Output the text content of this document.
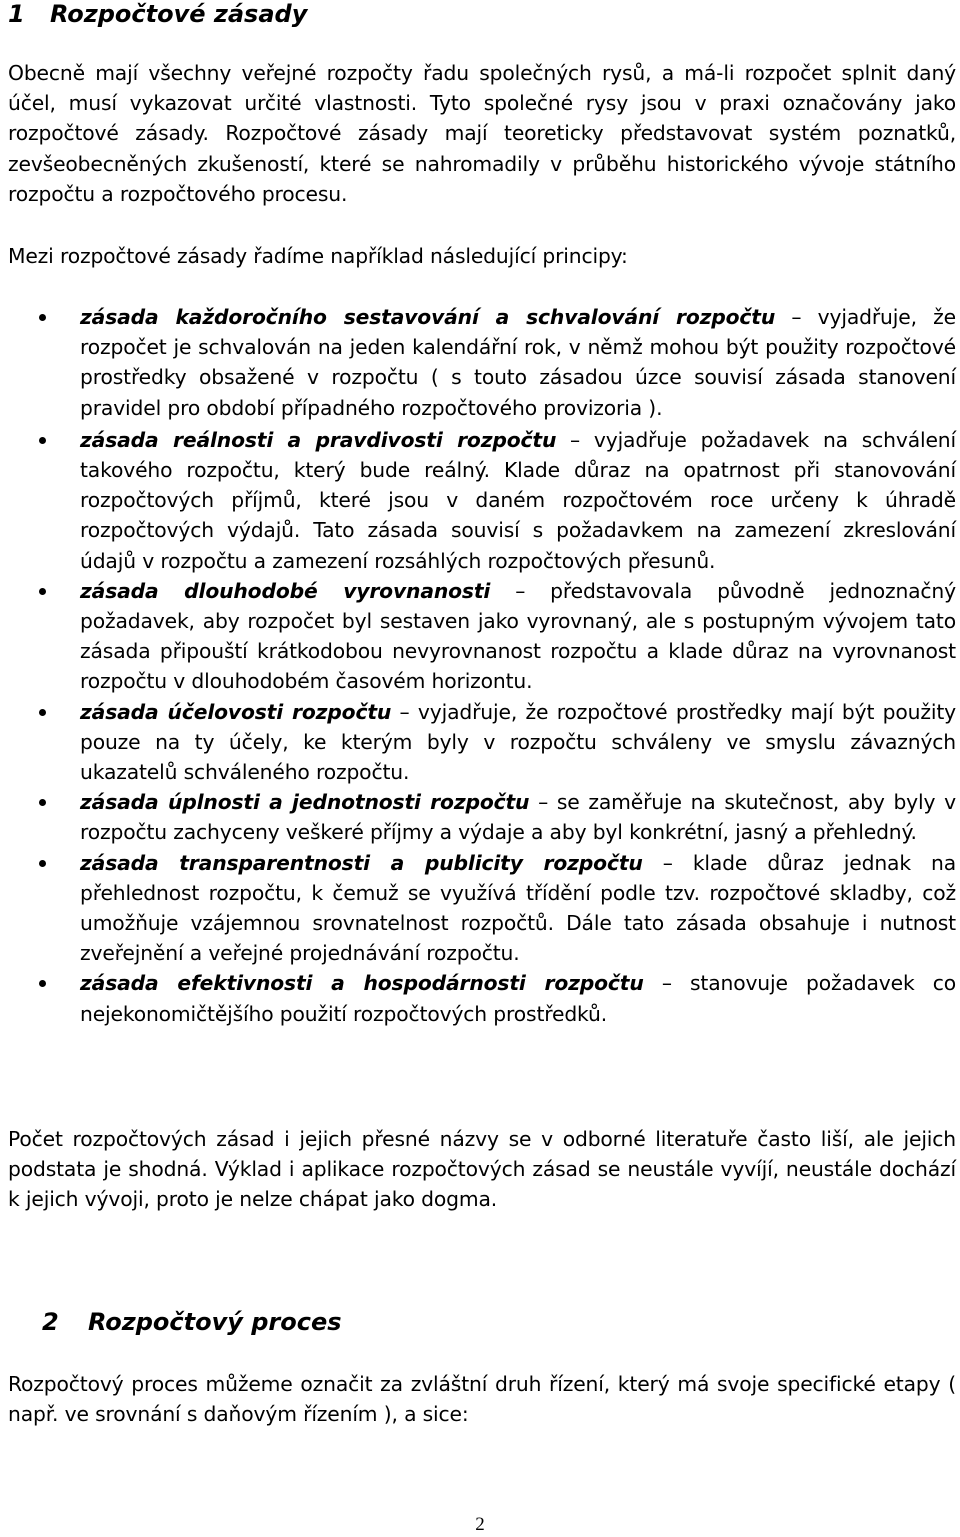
1 Rozpočtové zásady

Obecně mají všechny veřejné rozpočty řadu společných rysů, a má-li rozpočet splnit daný účel, musí vykazovat určité vlastnosti. Tyto společné rysy jsou v praxi označovány jako rozpočtové zásady. Rozpočtové zásady mají teoreticky představovat systém poznatků, zevšeobecněných zkušeností, které se nahromadily v průběhu historického vývoje státního rozpočtu a rozpočtového procesu.

Mezi rozpočtové zásady řadíme například následující principy:

zásada každoročního sestavování a schvalování rozpočtu – vyjadřuje, že rozpočet je schvalován na jeden kalendářní rok, v němž mohou být použity rozpočtové prostředky obsažené v rozpočtu ( s touto zásadou úzce souvisí zásada stanovení pravidel pro období případného rozpočtového provizoria ).
zásada reálnosti a pravdivosti rozpočtu – vyjadřuje požadavek na schválení takového rozpočtu, který bude reálný. Klade důraz na opatrnost při stanovování rozpočtových příjmů, které jsou v daném rozpočtovém roce určeny k úhradě rozpočtových výdajů. Tato zásada souvisí s požadavkem na zamezení zkreslování údajů v rozpočtu a zamezení rozsáhlých rozpočtových přesunů.
zásada dlouhodobé vyrovnanosti – představovala původně jednoznačný požadavek, aby rozpočet byl sestaven jako vyrovnaný, ale s postupným vývojem tato zásada připouští krátkodobou nevyrovnanost rozpočtu a klade důraz na vyrovnanost rozpočtu v dlouhodobém časovém horizontu.
zásada účelovosti rozpočtu – vyjadřuje, že rozpočtové prostředky mají být použity pouze na ty účely, ke kterým byly v rozpočtu schváleny ve smyslu závazných ukazatelů schváleného rozpočtu.
zásada úplnosti a jednotnosti rozpočtu – se zaměřuje na skutečnost, aby byly v rozpočtu zachyceny veškeré příjmy a výdaje a aby byl konkrétní, jasný a přehledný.
zásada transparentnosti a publicity rozpočtu – klade důraz jednak na přehlednost rozpočtu, k čemuž se využívá třídění podle tzv. rozpočtové skladby, což umožňuje vzájemnou srovnatelnost rozpočtů. Dále tato zásada obsahuje i nutnost zveřejnění a veřejné projednávání rozpočtu.
zásada efektivnosti a hospodárnosti rozpočtu – stanovuje požadavek co nejekonomičtějšího použití rozpočtových prostředků.

Počet rozpočtových zásad i jejich přesné názvy se v odborné literatuře často liší, ale jejich podstata je shodná. Výklad i aplikace rozpočtových zásad se neustále vyvíjí, neustále dochází k jejich vývoji, proto je nelze chápat jako dogma.

2 Rozpočtový proces

Rozpočtový proces můžeme označit za zvláštní druh řízení, který má svoje specifické etapy ( např. ve srovnání s daňovým řízením ), a sice:

2
